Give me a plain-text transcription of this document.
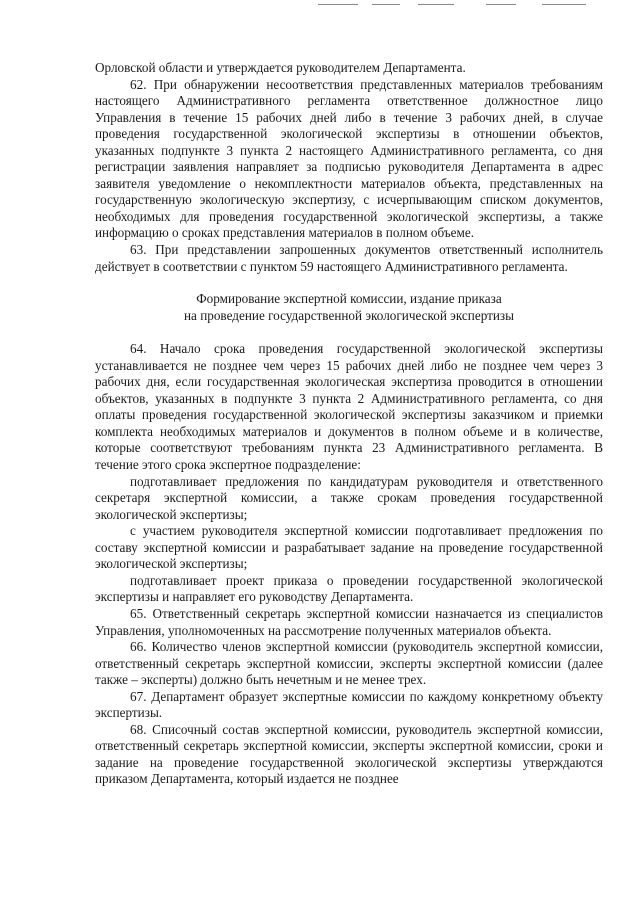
Орловской области и утверждается руководителем Департамента.

62. При обнаружении несоответствия представленных материалов требованиям настоящего Административного регламента ответственное должностное лицо Управления в течение 15 рабочих дней либо в течение 3 рабочих дней, в случае проведения государственной экологической экспертизы в отношении объектов, указанных подпункте 3 пункта 2 настоящего Административного регламента, со дня регистрации заявления направляет за подписью руководителя Департамента в адрес заявителя уведомление о некомплектности материалов объекта, представленных на государственную экологическую экспертизу, с исчерпывающим списком документов, необходимых для проведения государственной экологической экспертизы, а также информацию о сроках представления материалов в полном объеме.

63. При представлении запрошенных документов ответственный исполнитель действует в соответствии с пунктом 59 настоящего Административного регламента.

Формирование экспертной комиссии, издание приказа

на проведение государственной экологической экспертизы

64. Начало срока проведения государственной экологической экспертизы устанавливается не позднее чем через 15 рабочих дней либо не позднее чем через 3 рабочих дня, если государственная экологическая экспертиза проводится в отношении объектов, указанных в подпункте 3 пункта 2 Административного регламента, со дня оплаты проведения государственной экологической экспертизы заказчиком и приемки комплекта необходимых материалов и документов в полном объеме и в количестве, которые соответствуют требованиям пункта 23 Административного регламента. В течение этого срока экспертное подразделение:

подготавливает предложения по кандидатурам руководителя и ответственного секретаря экспертной комиссии, а также срокам проведения государственной экологической экспертизы;

с участием руководителя экспертной комиссии подготавливает предложения по составу экспертной комиссии и разрабатывает задание на проведение государственной экологической экспертизы;

подготавливает проект приказа о проведении государственной экологической экспертизы и направляет его руководству Департамента.

65. Ответственный секретарь экспертной комиссии назначается из специалистов Управления, уполномоченных на рассмотрение полученных материалов объекта.

66. Количество членов экспертной комиссии (руководитель экспертной комиссии, ответственный секретарь экспертной комиссии, эксперты экспертной комиссии (далее также – эксперты) должно быть нечетным и не менее трех.

67. Департамент образует экспертные комиссии по каждому конкретному объекту экспертизы.

68. Списочный состав экспертной комиссии, руководитель экспертной комиссии, ответственный секретарь экспертной комиссии, эксперты экспертной комиссии, сроки и задание на проведение государственной экологической экспертизы утверждаются приказом Департамента, который издается не позднее
